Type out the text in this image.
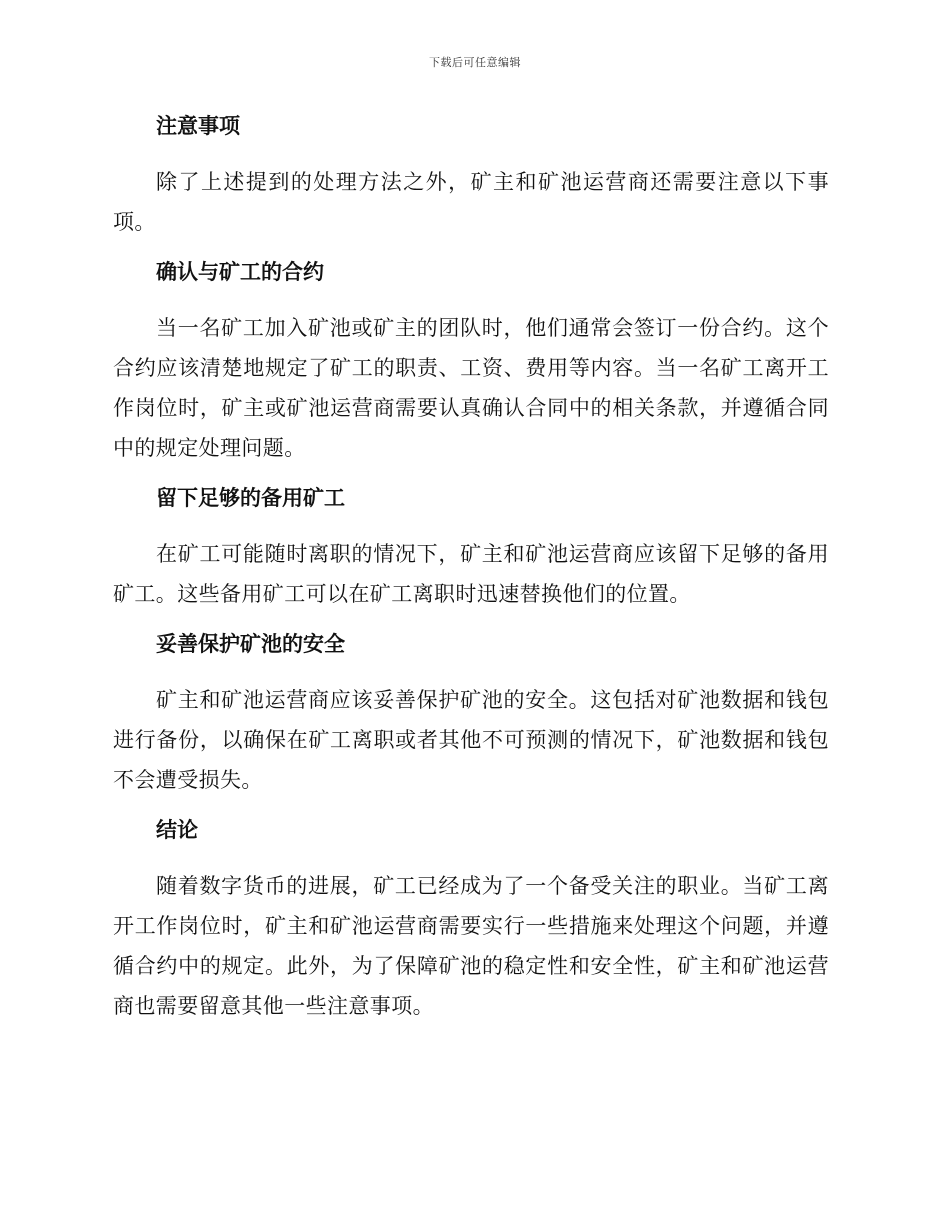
下载后可任意编辑
注意事项

除了上述提到的处理方法之外，矿主和矿池运营商还需要注意以下事项。

确认与矿工的合约

当一名矿工加入矿池或矿主的团队时，他们通常会签订一份合约。这个合约应该清楚地规定了矿工的职责、工资、费用等内容。当一名矿工离开工作岗位时，矿主或矿池运营商需要认真确认合同中的相关条款，并遵循合同中的规定处理问题。

留下足够的备用矿工

在矿工可能随时离职的情况下，矿主和矿池运营商应该留下足够的备用矿工。这些备用矿工可以在矿工离职时迅速替换他们的位置。

妥善保护矿池的安全

矿主和矿池运营商应该妥善保护矿池的安全。这包括对矿池数据和钱包进行备份，以确保在矿工离职或者其他不可预测的情况下，矿池数据和钱包不会遭受损失。

结论

随着数字货币的进展，矿工已经成为了一个备受关注的职业。当矿工离开工作岗位时，矿主和矿池运营商需要实行一些措施来处理这个问题，并遵循合约中的规定。此外，为了保障矿池的稳定性和安全性，矿主和矿池运营商也需要留意其他一些注意事项。
